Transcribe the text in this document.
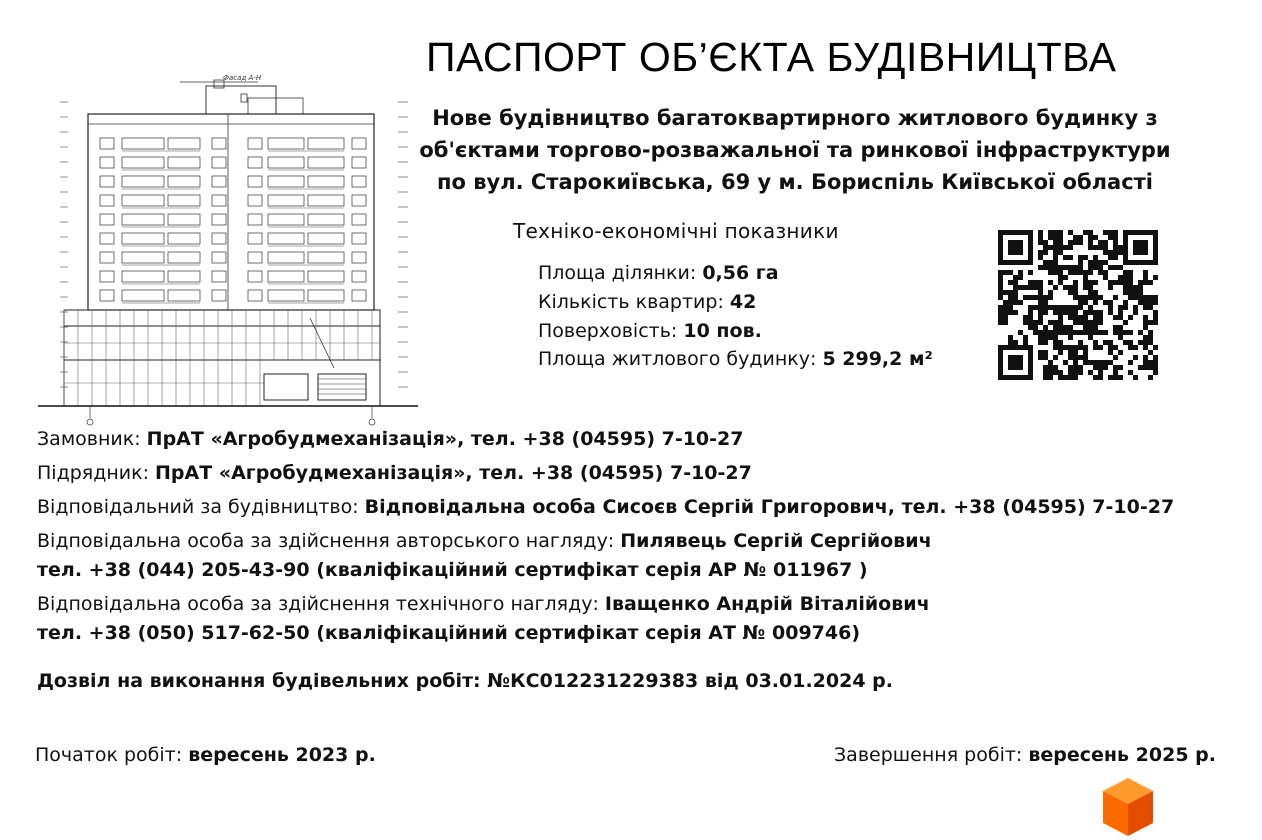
Фасад А-Н	ПАСПОРТ ОБ’ЄКТА БУДІВНИЦТВА
Нове будівництво багатоквартирного житлового будинку з
об'єктами торгово-розважальної та ринкової інфраструктури
по вул. Старокиївська, 69 у м. Бориспіль Київської області
Техніко-економічні показники
Площа ділянки: 0,56 га
Кількість квартир: 42
Поверховість: 10 пов.
Площа житлового будинку: 5 299,2 м²
Замовник: ПрАТ «Агробудмеханізація», тел. +38 (04595) 7-10-27
Підрядник: ПрАТ «Агробудмеханізація», тел. +38 (04595) 7-10-27
Відповідальний за будівництво: Відповідальна особа Сисоєв Сергій Григорович, тел. +38 (04595) 7-10-27
Відповідальна особа за здійснення авторського нагляду: Пилявець Сергій Сергійович
тел. +38 (044) 205-43-90 (кваліфікаційний сертифікат серія АР № 011967 )
Відповідальна особа за здійснення технічного нагляду: Іващенко Андрій Віталійович
тел. +38 (050) 517-62-50 (кваліфікаційний сертифікат серія АТ № 009746)
Дозвіл на виконання будівельних робіт: №КС012231229383 від 03.01.2024 р.
Початок робіт: вересень 2023 р.	Завершення робіт: вересень 2025 р.
